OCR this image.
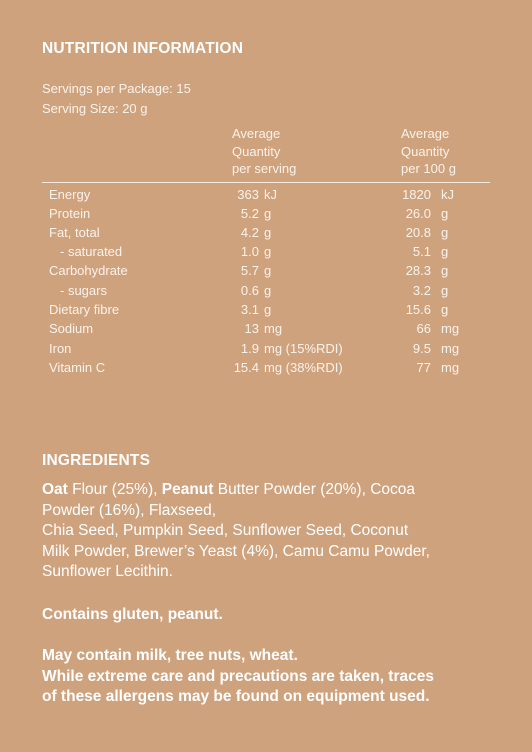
NUTRITION INFORMATION
Servings per Package: 15
Serving Size: 20 g
Average
Quantity
per serving
Average
Quantity
per 100 g
Energy	363 kJ	1820 kJ
Protein	5.2 g	26.0 g
Fat, total	4.2 g	20.8 g
- saturated	1.0 g	5.1 g
Carbohydrate	5.7 g	28.3 g
- sugars	0.6 g	3.2 g
Dietary fibre	3.1 g	15.6 g
Sodium	13 mg	66 mg
Iron	1.9 mg (15%RDI)	9.5 mg
Vitamin C	15.4 mg (38%RDI)	77 mg
INGREDIENTS
Oat Flour (25%), Peanut Butter Powder (20%), Cocoa
Powder (16%), Flaxseed,
Chia Seed, Pumpkin Seed, Sunflower Seed, Coconut
Milk Powder, Brewer’s Yeast (4%), Camu Camu Powder,
Sunflower Lecithin.
Contains gluten, peanut.
May contain milk, tree nuts, wheat.
While extreme care and precautions are taken, traces
of these allergens may be found on equipment used.
